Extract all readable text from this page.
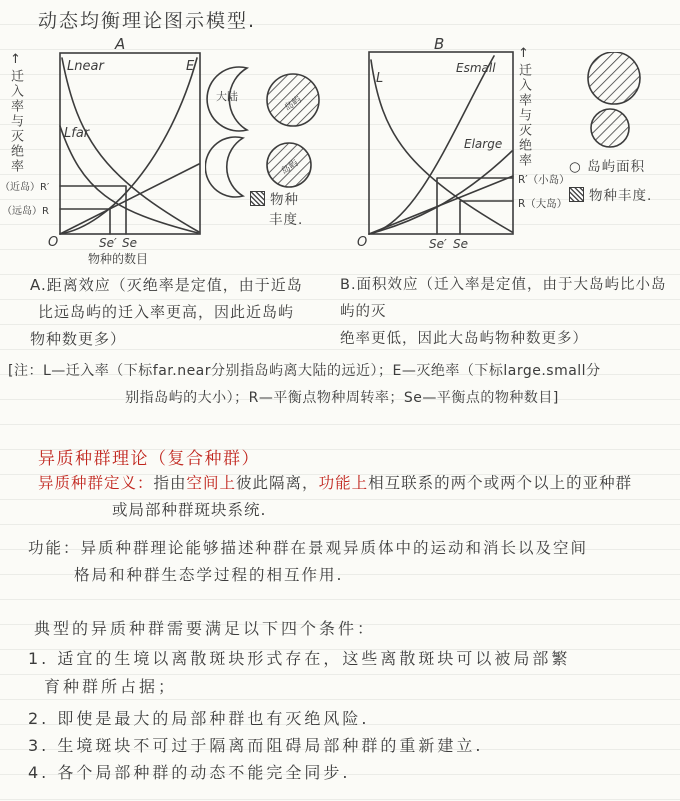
动态均衡理论图示模型.
A
Lnear
Lfar
E
（近岛）R′
（远岛）R
O	Se′ Se
物种的数目
↑迁入率与灭绝率	大陆	岛屿
岛屿
物种
丰度.
B
L
Esmall
Elarge
R′（小岛）
R（大岛）
O	Se′ Se
↑迁入率与灭绝率	○ 岛屿面积
物种丰度.
A.距离效应（灭绝率是定值，由于近岛
比远岛屿的迁入率更高，因此近岛屿
物种数更多）
B.面积效应（迁入率是定值，由于大岛屿比小岛屿的灭
绝率更低，因此大岛屿物种数更多）
[注：L—迁入率（下标far.near分别指岛屿离大陆的远近）；E—灭绝率（下标large.small分
别指岛屿的大小）；R—平衡点物种周转率；Se—平衡点的物种数目]
异质种群理论（复合种群）
异质种群定义：指由空间上彼此隔离，功能上相互联系的两个或两个以上的亚种群
或局部种群斑块系统.
功能：异质种群理论能够描述种群在景观异质体中的运动和消长以及空间
格局和种群生态学过程的相互作用.
典型的异质种群需要满足以下四个条件：
1. 适宜的生境以离散斑块形式存在，这些离散斑块可以被局部繁
育种群所占据；
2. 即使是最大的局部种群也有灭绝风险.
3. 生境斑块不可过于隔离而阻碍局部种群的重新建立.
4. 各个局部种群的动态不能完全同步.
